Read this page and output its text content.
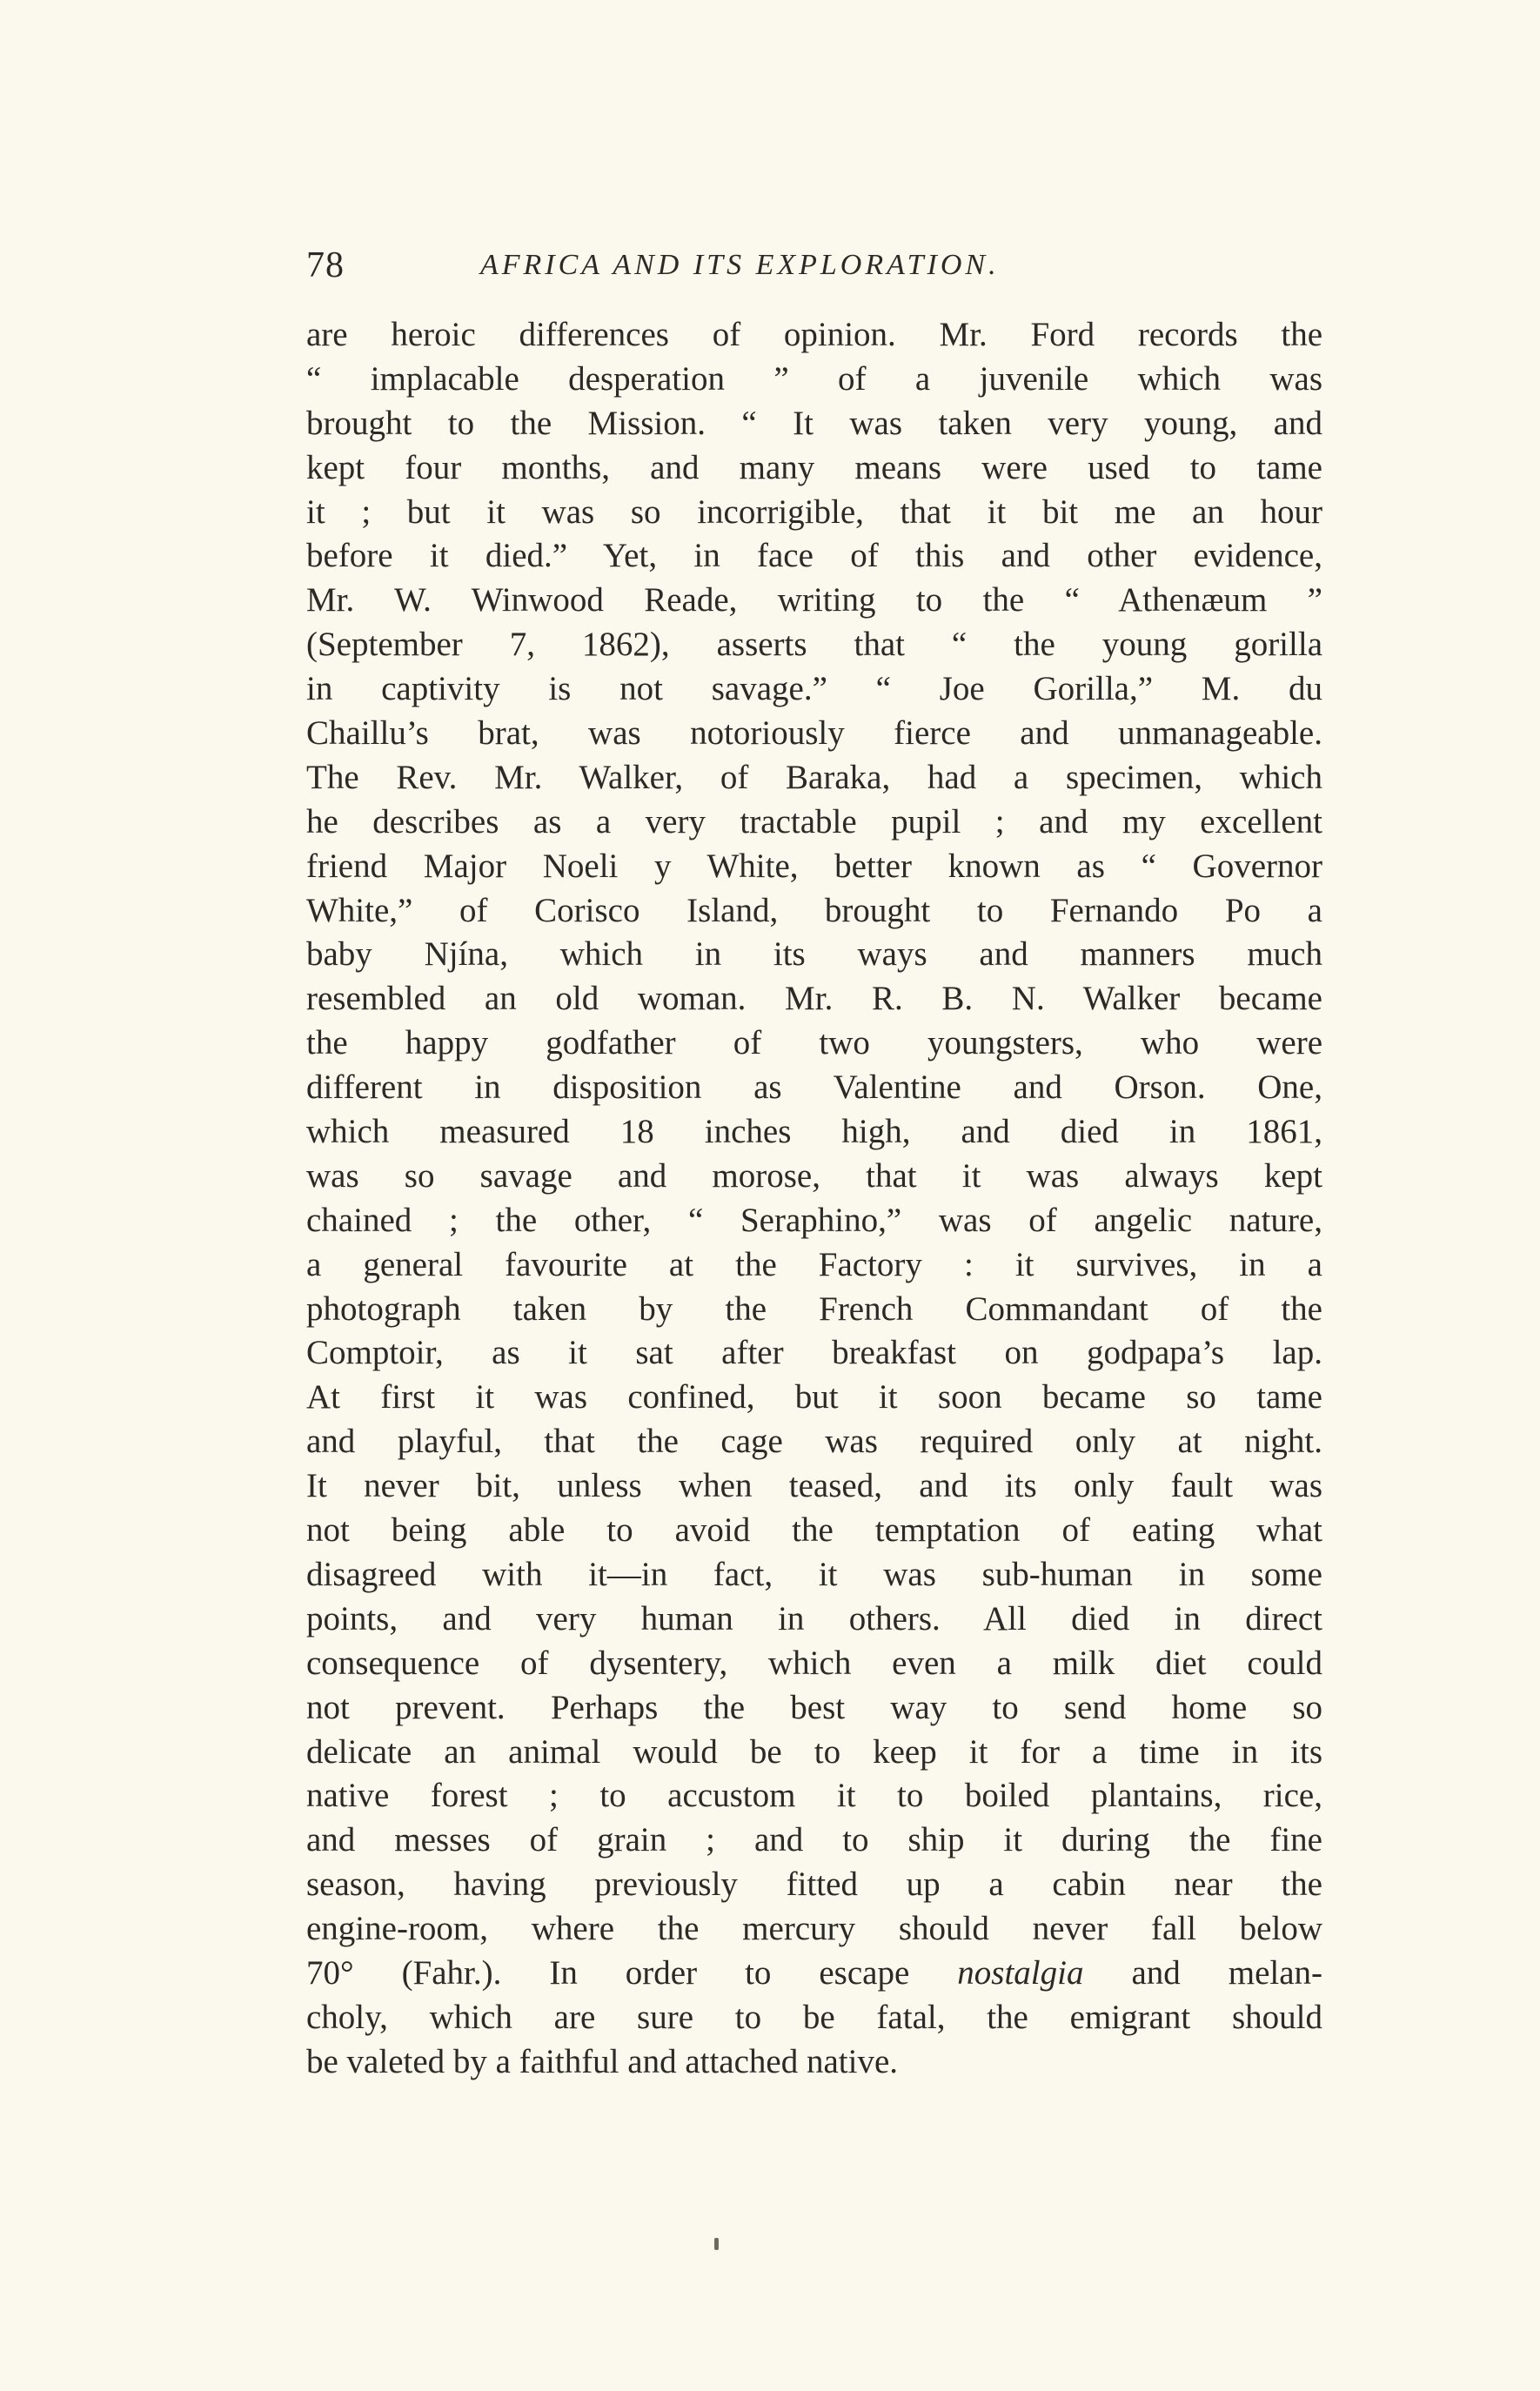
78	AFRICA AND ITS EXPLORATION.
are heroic differences of opinion. Mr. Ford records the
“ implacable desperation ” of a juvenile which was
brought to the Mission. “ It was taken very young, and
kept four months, and many means were used to tame
it ; but it was so incorrigible, that it bit me an hour
before it died.” Yet, in face of this and other evidence,
Mr. W. Winwood Reade, writing to the “ Athenæum ”
(September 7, 1862), asserts that “ the young gorilla
in captivity is not savage.” “ Joe Gorilla,” M. du
Chaillu’s brat, was notoriously fierce and unmanageable.
The Rev. Mr. Walker, of Baraka, had a specimen, which
he describes as a very tractable pupil ; and my excellent
friend Major Noeli y White, better known as “ Governor
White,” of Corisco Island, brought to Fernando Po a
baby Njína, which in its ways and manners much
resembled an old woman. Mr. R. B. N. Walker became
the happy godfather of two youngsters, who were
different in disposition as Valentine and Orson. One,
which measured 18 inches high, and died in 1861,
was so savage and morose, that it was always kept
chained ; the other, “ Seraphino,” was of angelic nature,
a general favourite at the Factory : it survives, in a
photograph taken by the French Commandant of the
Comptoir, as it sat after breakfast on godpapa’s lap.
At first it was confined, but it soon became so tame
and playful, that the cage was required only at night.
It never bit, unless when teased, and its only fault was
not being able to avoid the temptation of eating what
disagreed with it—in fact, it was sub-human in some
points, and very human in others. All died in direct
consequence of dysentery, which even a milk diet could
not prevent. Perhaps the best way to send home so
delicate an animal would be to keep it for a time in its
native forest ; to accustom it to boiled plantains, rice,
and messes of grain ; and to ship it during the fine
season, having previously fitted up a cabin near the
engine-room, where the mercury should never fall below
70° (Fahr.). In order to escape nostalgia and melan-
choly, which are sure to be fatal, the emigrant should
be valeted by a faithful and attached native.
